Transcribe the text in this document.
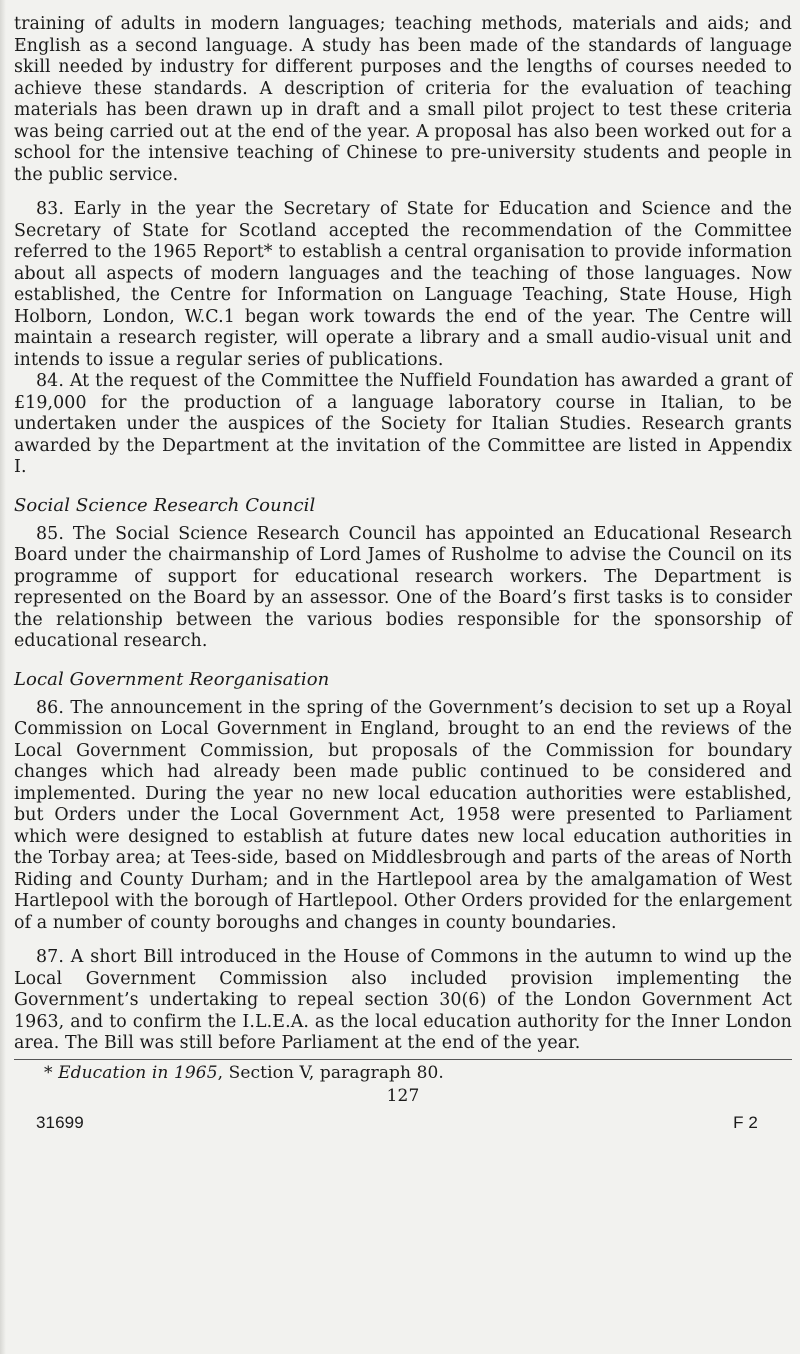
training of adults in modern languages; teaching methods, materials and aids; and English as a second language. A study has been made of the standards of language skill needed by industry for different purposes and the lengths of courses needed to achieve these standards. A description of criteria for the evaluation of teaching materials has been drawn up in draft and a small pilot project to test these criteria was being carried out at the end of the year. A proposal has also been worked out for a school for the intensive teaching of Chinese to pre-university students and people in the public service.

83. Early in the year the Secretary of State for Education and Science and the Secretary of State for Scotland accepted the recommendation of the Committee referred to the 1965 Report* to establish a central organisation to provide information about all aspects of modern languages and the teaching of those languages. Now established, the Centre for Information on Language Teaching, State House, High Holborn, London, W.C.1 began work towards the end of the year. The Centre will maintain a research register, will operate a library and a small audio-visual unit and intends to issue a regular series of publications.

84. At the request of the Committee the Nuffield Foundation has awarded a grant of £19,000 for the production of a language laboratory course in Italian, to be undertaken under the auspices of the Society for Italian Studies. Research grants awarded by the Department at the invitation of the Committee are listed in Appendix I.

Social Science Research Council

85. The Social Science Research Council has appointed an Educational Research Board under the chairmanship of Lord James of Rusholme to advise the Council on its programme of support for educational research workers. The Department is represented on the Board by an assessor. One of the Board’s first tasks is to consider the relationship between the various bodies responsible for the sponsorship of educational research.

Local Government Reorganisation

86. The announcement in the spring of the Government’s decision to set up a Royal Commission on Local Government in England, brought to an end the reviews of the Local Government Commission, but proposals of the Commission for boundary changes which had already been made public continued to be considered and implemented. During the year no new local education authorities were established, but Orders under the Local Government Act, 1958 were presented to Parliament which were designed to establish at future dates new local education authorities in the Torbay area; at Tees-side, based on Middlesbrough and parts of the areas of North Riding and County Durham; and in the Hartlepool area by the amalgamation of West Hartlepool with the borough of Hartlepool. Other Orders provided for the enlargement of a number of county boroughs and changes in county boundaries.

87. A short Bill introduced in the House of Commons in the autumn to wind up the Local Government Commission also included provision implementing the Government’s undertaking to repeal section 30(6) of the London Government Act 1963, and to confirm the I.L.E.A. as the local education authority for the Inner London area. The Bill was still before Parliament at the end of the year.

* Education in 1965, Section V, paragraph 80.
127
31699	F 2
